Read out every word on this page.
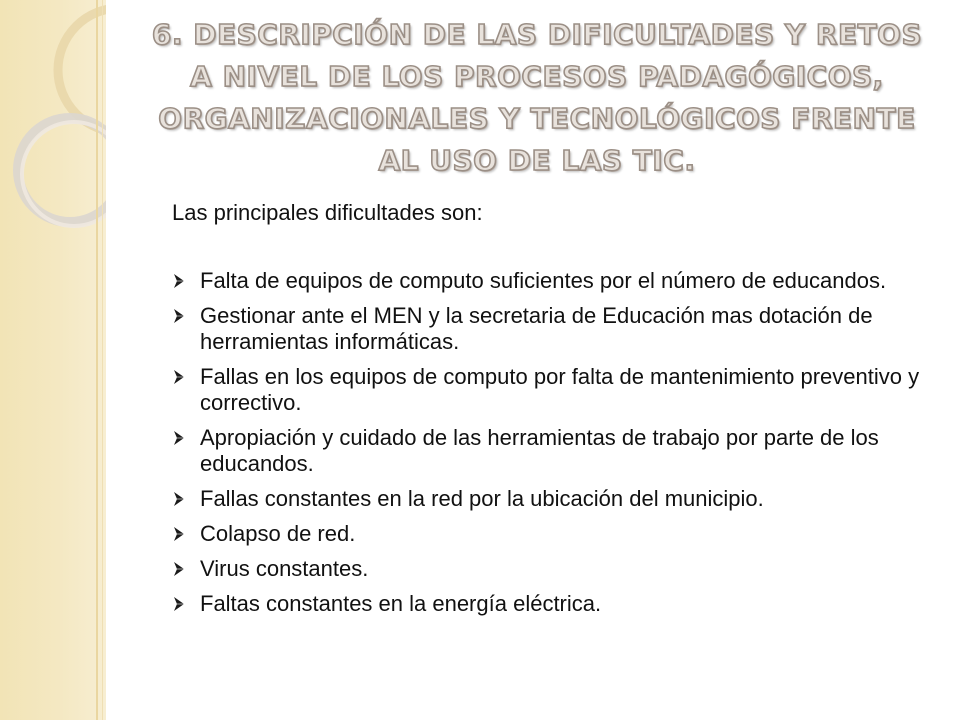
6. DESCRIPCIÓN DE LAS DIFICULTADES Y RETOS A NIVEL DE LOS PROCESOS PADAGÓGICOS, ORGANIZACIONALES Y TECNOLÓGICOS FRENTE AL USO DE LAS TIC.

Las principales dificultades son:

Falta de equipos de computo suficientes por el número de educandos.
Gestionar ante el MEN y la secretaria de Educación mas dotación de herramientas informáticas.
Fallas en los equipos de computo por falta de mantenimiento preventivo y correctivo.
Apropiación y cuidado de las herramientas de trabajo por parte de los educandos.
Fallas constantes en la red por la ubicación del municipio.
Colapso de red.
Virus constantes.
Faltas constantes en la energía eléctrica.
